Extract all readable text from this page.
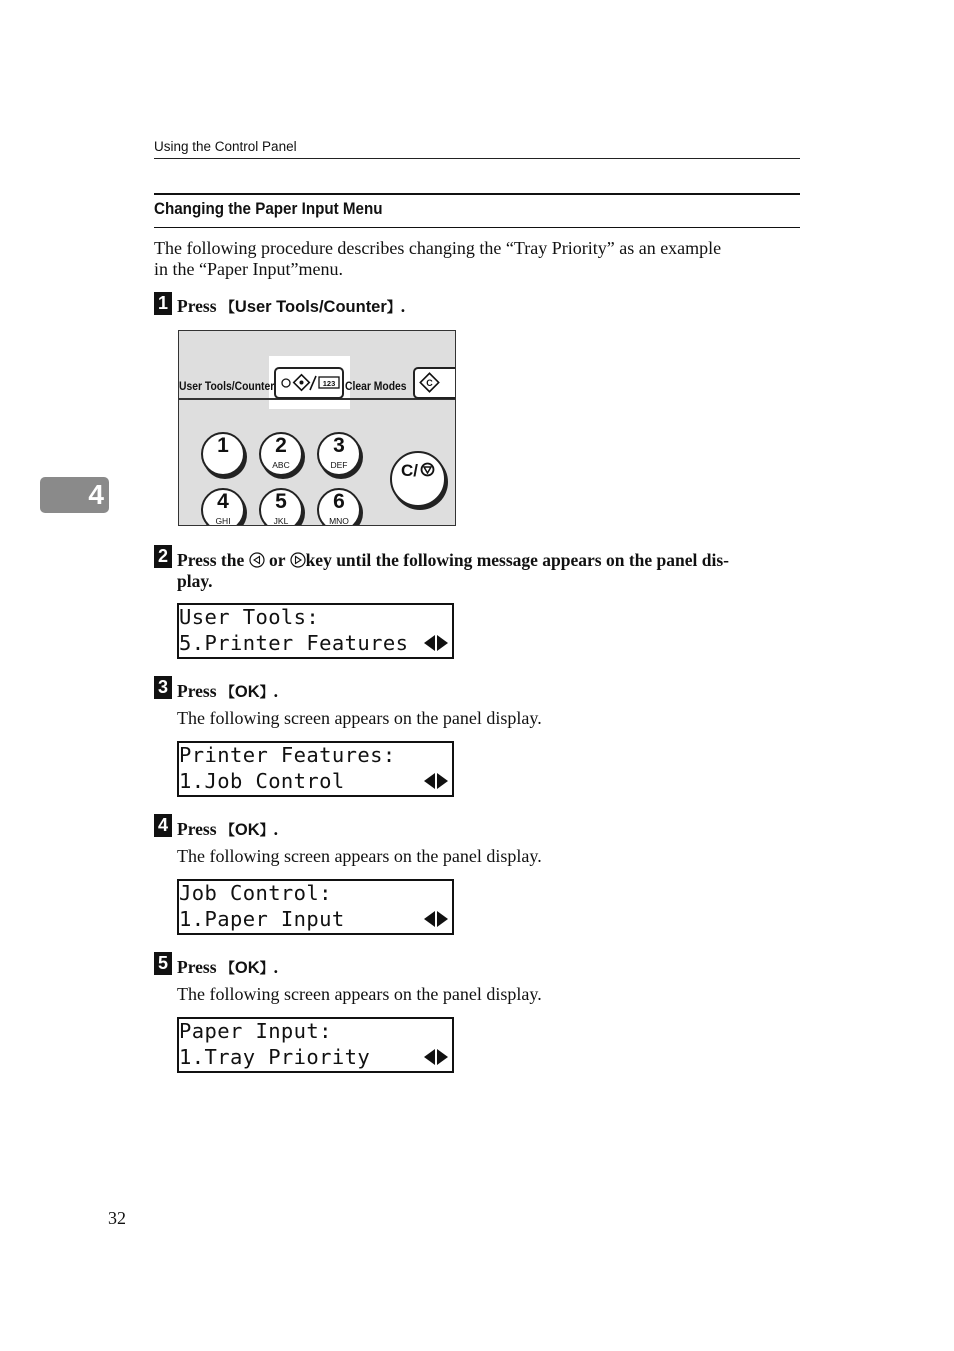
Using the Control Panel
Changing the Paper Input Menu
The following procedure describes changing the “Tray Priority” as an example
in the “Paper Input”menu.
1 Press 【User Tools/Counter】.
User Tools/Counter	123 Clear Modes C
1	2
ABC
3
DEF
4
GHI
5
JKL
6
MNO
C/
4
2 Press the  or key until the following message appears on the panel dis-
play.
User Tools:
5.Printer Features
3 Press 【OK】.
The following screen appears on the panel display.
Printer Features:
1.Job Control
4 Press 【OK】.
The following screen appears on the panel display.
Job Control:
1.Paper Input
5 Press 【OK】.
The following screen appears on the panel display.
Paper Input:
1.Tray Priority
32
